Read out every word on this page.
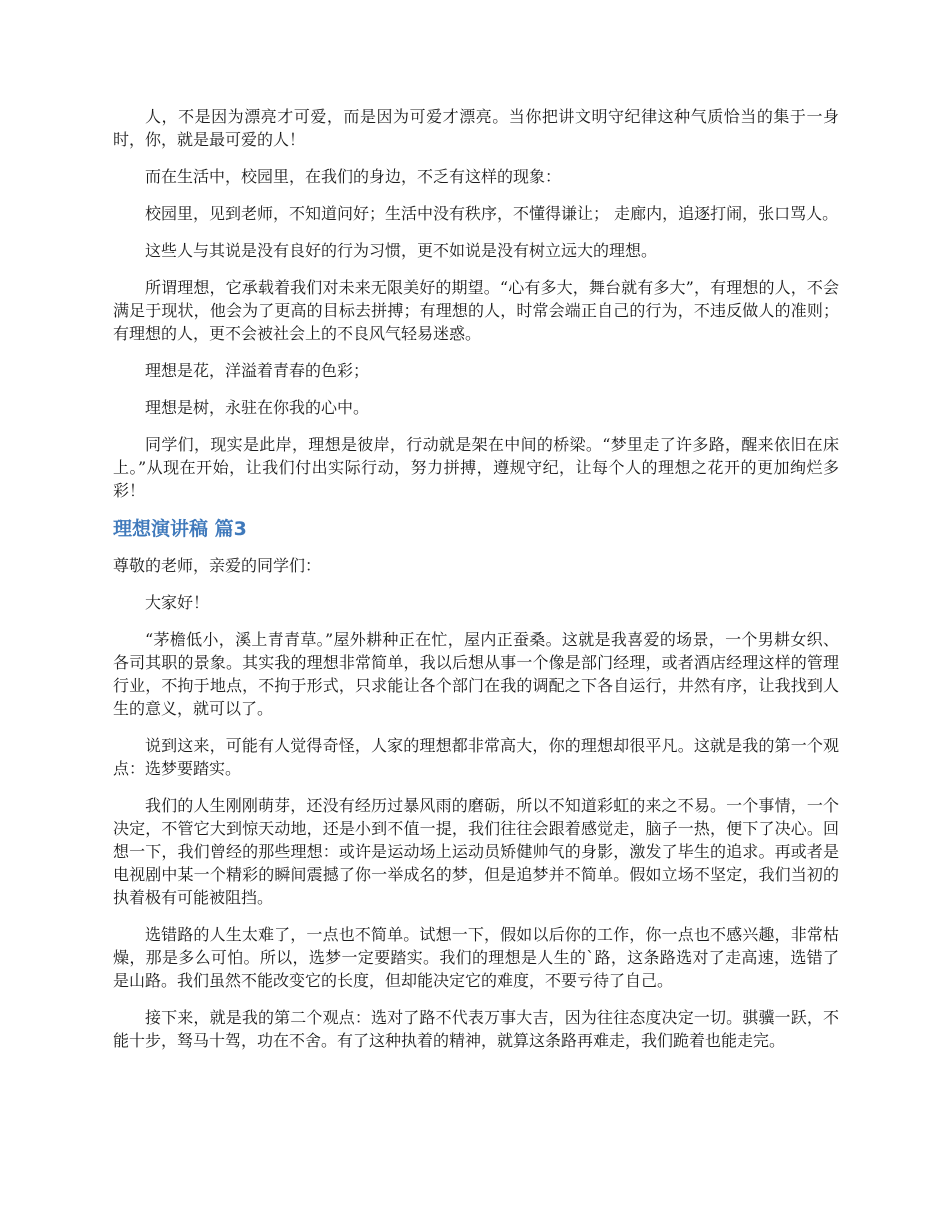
人，不是因为漂亮才可爱，而是因为可爱才漂亮。当你把讲文明守纪律这种气质恰当的集于一身时，你，就是最可爱的人！

而在生活中，校园里，在我们的身边，不乏有这样的现象：

校园里，见到老师，不知道问好；生活中没有秩序，不懂得谦让； 走廊内，追逐打闹，张口骂人。

这些人与其说是没有良好的行为习惯，更不如说是没有树立远大的理想。

所谓理想，它承载着我们对未来无限美好的期望。“心有多大，舞台就有多大”，有理想的人，不会满足于现状，他会为了更高的目标去拼搏；有理想的人，时常会端正自己的行为，不违反做人的准则；有理想的人，更不会被社会上的不良风气轻易迷惑。

理想是花，洋溢着青春的色彩；

理想是树，永驻在你我的心中。

同学们，现实是此岸，理想是彼岸，行动就是架在中间的桥梁。“梦里走了许多路，醒来依旧在床上。”从现在开始，让我们付出实际行动，努力拼搏，遵规守纪，让每个人的理想之花开的更加绚烂多彩！

理想演讲稿 篇3

尊敬的老师，亲爱的同学们：

大家好！

“茅檐低小，溪上青青草。”屋外耕种正在忙，屋内正蚕桑。这就是我喜爱的场景，一个男耕女织、各司其职的景象。其实我的理想非常简单，我以后想从事一个像是部门经理，或者酒店经理这样的管理行业，不拘于地点，不拘于形式，只求能让各个部门在我的调配之下各自运行，井然有序，让我找到人生的意义，就可以了。

说到这来，可能有人觉得奇怪，人家的理想都非常高大，你的理想却很平凡。这就是我的第一个观点：选梦要踏实。

我们的人生刚刚萌芽，还没有经历过暴风雨的磨砺，所以不知道彩虹的来之不易。一个事情，一个决定，不管它大到惊天动地，还是小到不值一提，我们往往会跟着感觉走，脑子一热，便下了决心。回想一下，我们曾经的那些理想：或许是运动场上运动员矫健帅气的身影，激发了毕生的追求。再或者是电视剧中某一个精彩的瞬间震撼了你一举成名的梦，但是追梦并不简单。假如立场不坚定，我们当初的执着极有可能被阻挡。

选错路的人生太难了，一点也不简单。试想一下，假如以后你的工作，你一点也不感兴趣，非常枯燥，那是多么可怕。所以，选梦一定要踏实。我们的理想是人生的`路，这条路选对了走高速，选错了是山路。我们虽然不能改变它的长度，但却能决定它的难度，不要亏待了自己。

接下来，就是我的第二个观点：选对了路不代表万事大吉，因为往往态度决定一切。骐骥一跃，不能十步，驽马十驾，功在不舍。有了这种执着的精神，就算这条路再难走，我们跪着也能走完。
